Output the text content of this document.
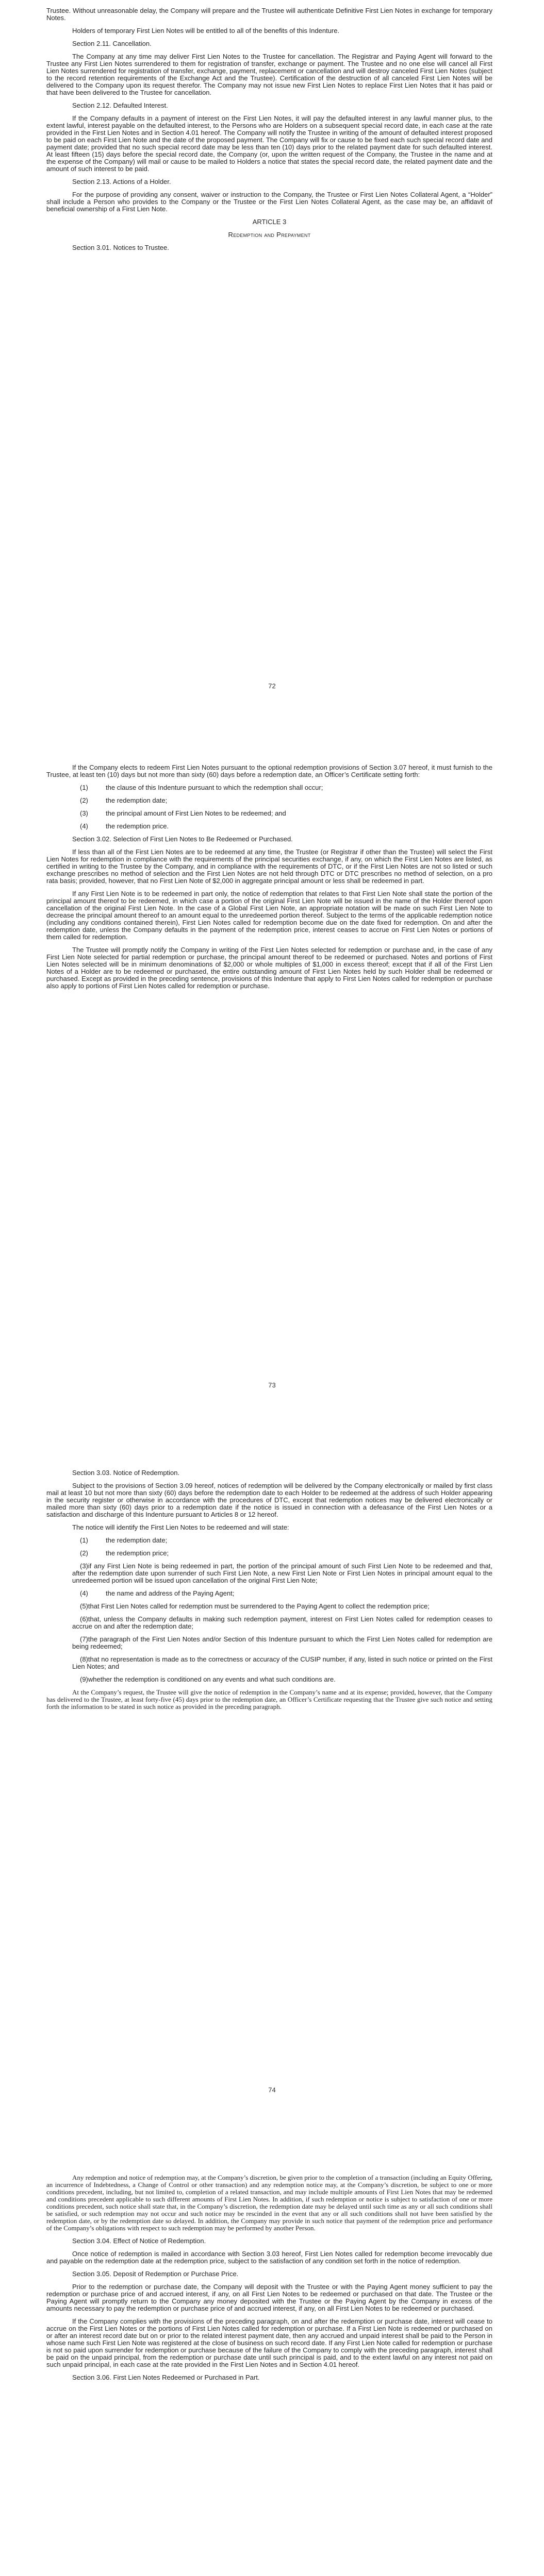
Trustee. Without unreasonable delay, the Company will prepare and the Trustee will authenticate Definitive First Lien Notes in exchange for temporary Notes.

Holders of temporary First Lien Notes will be entitled to all of the benefits of this Indenture.

Section 2.11. Cancellation.

The Company at any time may deliver First Lien Notes to the Trustee for cancellation. The Registrar and Paying Agent will forward to the Trustee any First Lien Notes surrendered to them for registration of transfer, exchange or payment. The Trustee and no one else will cancel all First Lien Notes surrendered for registration of transfer, exchange, payment, replacement or cancellation and will destroy canceled First Lien Notes (subject to the record retention requirements of the Exchange Act and the Trustee). Certification of the destruction of all canceled First Lien Notes will be delivered to the Company upon its request therefor. The Company may not issue new First Lien Notes to replace First Lien Notes that it has paid or that have been delivered to the Trustee for cancellation.

Section 2.12. Defaulted Interest.

If the Company defaults in a payment of interest on the First Lien Notes, it will pay the defaulted interest in any lawful manner plus, to the extent lawful, interest payable on the defaulted interest, to the Persons who are Holders on a subsequent special record date, in each case at the rate provided in the First Lien Notes and in Section 4.01 hereof. The Company will notify the Trustee in writing of the amount of defaulted interest proposed to be paid on each First Lien Note and the date of the proposed payment. The Company will fix or cause to be fixed each such special record date and payment date; provided that no such special record date may be less than ten (10) days prior to the related payment date for such defaulted interest. At least fifteen (15) days before the special record date, the Company (or, upon the written request of the Company, the Trustee in the name and at the expense of the Company) will mail or cause to be mailed to Holders a notice that states the special record date, the related payment date and the amount of such interest to be paid.

Section 2.13. Actions of a Holder.

For the purpose of providing any consent, waiver or instruction to the Company, the Trustee or First Lien Notes Collateral Agent, a “Holder” shall include a Person who provides to the Company or the Trustee or the First Lien Notes Collateral Agent, as the case may be, an affidavit of beneficial ownership of a First Lien Note.

ARTICLE 3

Redemption and Prepayment

Section 3.01. Notices to Trustee.

72

If the Company elects to redeem First Lien Notes pursuant to the optional redemption provisions of Section 3.07 hereof, it must furnish to the Trustee, at least ten (10) days but not more than sixty (60) days before a redemption date, an Officer’s Certificate setting forth:

(1)	the clause of this Indenture pursuant to which the redemption shall occur;

(2)	the redemption date;

(3)	the principal amount of First Lien Notes to be redeemed; and

(4)	the redemption price.

Section 3.02. Selection of First Lien Notes to Be Redeemed or Purchased.

If less than all of the First Lien Notes are to be redeemed at any time, the Trustee (or Registrar if other than the Trustee) will select the First Lien Notes for redemption in compliance with the requirements of the principal securities exchange, if any, on which the First Lien Notes are listed, as certified in writing to the Trustee by the Company, and in compliance with the requirements of DTC, or if the First Lien Notes are not so listed or such exchange prescribes no method of selection and the First Lien Notes are not held through DTC or DTC prescribes no method of selection, on a pro rata basis; provided, however, that no First Lien Note of $2,000 in aggregate principal amount or less shall be redeemed in part.

If any First Lien Note is to be redeemed in part only, the notice of redemption that relates to that First Lien Note shall state the portion of the principal amount thereof to be redeemed, in which case a portion of the original First Lien Note will be issued in the name of the Holder thereof upon cancellation of the original First Lien Note. In the case of a Global First Lien Note, an appropriate notation will be made on such First Lien Note to decrease the principal amount thereof to an amount equal to the unredeemed portion thereof. Subject to the terms of the applicable redemption notice (including any conditions contained therein), First Lien Notes called for redemption become due on the date fixed for redemption. On and after the redemption date, unless the Company defaults in the payment of the redemption price, interest ceases to accrue on First Lien Notes or portions of them called for redemption.

The Trustee will promptly notify the Company in writing of the First Lien Notes selected for redemption or purchase and, in the case of any First Lien Note selected for partial redemption or purchase, the principal amount thereof to be redeemed or purchased. Notes and portions of First Lien Notes selected will be in minimum denominations of $2,000 or whole multiples of $1,000 in excess thereof; except that if all of the First Lien Notes of a Holder are to be redeemed or purchased, the entire outstanding amount of First Lien Notes held by such Holder shall be redeemed or purchased. Except as provided in the preceding sentence, provisions of this Indenture that apply to First Lien Notes called for redemption or purchase also apply to portions of First Lien Notes called for redemption or purchase.

73

Section 3.03. Notice of Redemption.

Subject to the provisions of Section 3.09 hereof, notices of redemption will be delivered by the Company electronically or mailed by first class mail at least 10 but not more than sixty (60) days before the redemption date to each Holder to be redeemed at the address of such Holder appearing in the security register or otherwise in accordance with the procedures of DTC, except that redemption notices may be delivered electronically or mailed more than sixty (60) days prior to a redemption date if the notice is issued in connection with a defeasance of the First Lien Notes or a satisfaction and discharge of this Indenture pursuant to Articles 8 or 12 hereof.

The notice will identify the First Lien Notes to be redeemed and will state:

(1)	the redemption date;

(2)	the redemption price;

(3)if any First Lien Note is being redeemed in part, the portion of the principal amount of such First Lien Note to be redeemed and that, after the redemption date upon surrender of such First Lien Note, a new First Lien Note or First Lien Notes in principal amount equal to the unredeemed portion will be issued upon cancellation of the original First Lien Note;

(4)	the name and address of the Paying Agent;

(5)that First Lien Notes called for redemption must be surrendered to the Paying Agent to collect the redemption price;

(6)that, unless the Company defaults in making such redemption payment, interest on First Lien Notes called for redemption ceases to accrue on and after the redemption date;

(7)the paragraph of the First Lien Notes and/or Section of this Indenture pursuant to which the First Lien Notes called for redemption are being redeemed;

(8)that no representation is made as to the correctness or accuracy of the CUSIP number, if any, listed in such notice or printed on the First Lien Notes; and

(9)whether the redemption is conditioned on any events and what such conditions are.

At the Company’s request, the Trustee will give the notice of redemption in the Company’s name and at its expense; provided, however, that the Company has delivered to the Trustee, at least forty-five (45) days prior to the redemption date, an Officer’s Certificate requesting that the Trustee give such notice and setting forth the information to be stated in such notice as provided in the preceding paragraph.

74

Any redemption and notice of redemption may, at the Company’s discretion, be given prior to the completion of a transaction (including an Equity Offering, an incurrence of Indebtedness, a Change of Control or other transaction) and any redemption notice may, at the Company’s discretion, be subject to one or more conditions precedent, including, but not limited to, completion of a related transaction, and may include multiple amounts of First Lien Notes that may be redeemed and conditions precedent applicable to such different amounts of First Lien Notes. In addition, if such redemption or notice is subject to satisfaction of one or more conditions precedent, such notice shall state that, in the Company’s discretion, the redemption date may be delayed until such time as any or all such conditions shall be satisfied, or such redemption may not occur and such notice may be rescinded in the event that any or all such conditions shall not have been satisfied by the redemption date, or by the redemption date so delayed. In addition, the Company may provide in such notice that payment of the redemption price and performance of the Company’s obligations with respect to such redemption may be performed by another Person.

Section 3.04. Effect of Notice of Redemption.

Once notice of redemption is mailed in accordance with Section 3.03 hereof, First Lien Notes called for redemption become irrevocably due and payable on the redemption date at the redemption price, subject to the satisfaction of any condition set forth in the notice of redemption.

Section 3.05. Deposit of Redemption or Purchase Price.

Prior to the redemption or purchase date, the Company will deposit with the Trustee or with the Paying Agent money sufficient to pay the redemption or purchase price of and accrued interest, if any, on all First Lien Notes to be redeemed or purchased on that date. The Trustee or the Paying Agent will promptly return to the Company any money deposited with the Trustee or the Paying Agent by the Company in excess of the amounts necessary to pay the redemption or purchase price of and accrued interest, if any, on all First Lien Notes to be redeemed or purchased.

If the Company complies with the provisions of the preceding paragraph, on and after the redemption or purchase date, interest will cease to accrue on the First Lien Notes or the portions of First Lien Notes called for redemption or purchase. If a First Lien Note is redeemed or purchased on or after an interest record date but on or prior to the related interest payment date, then any accrued and unpaid interest shall be paid to the Person in whose name such First Lien Note was registered at the close of business on such record date. If any First Lien Note called for redemption or purchase is not so paid upon surrender for redemption or purchase because of the failure of the Company to comply with the preceding paragraph, interest shall be paid on the unpaid principal, from the redemption or purchase date until such principal is paid, and to the extent lawful on any interest not paid on such unpaid principal, in each case at the rate provided in the First Lien Notes and in Section 4.01 hereof.

Section 3.06. First Lien Notes Redeemed or Purchased in Part.
